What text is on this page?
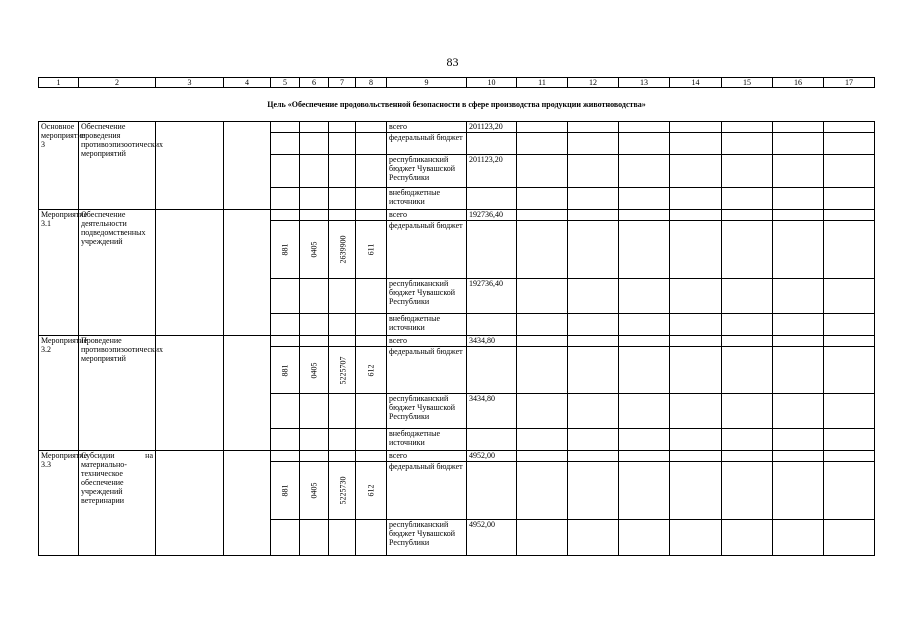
83
1	2	3	4	5	6	7	8	9	10	11	12	13	14	15	16	17
Цель «Обеспечение продовольственной безопасности в сфере производства продукции животноводства»																
Основное мероприятие 3	Обеспечение проведения противоэпизоотических мероприятий							всего	201123,20							
								федеральный бюджет								
								республиканский бюджет Чувашской Республики	201123,20							
								внебюджетные источники								
Мероприятие 3.1	Обеспечение деятельности подведомственных учреждений							всего	192736,40							
				881	0405	2639900	611	федеральный бюджет								
								республиканский бюджет Чувашской Республики	192736,40							
								внебюджетные источники								
Мероприятие 3.2	Проведение противоэпизоотических мероприятий							всего	3434,80							
				881	0405	5225707	612	федеральный бюджет								
								республиканский бюджет Чувашской Республики	3434,80							
								внебюджетные источники								
Мероприятие 3.3	Субсидии на материально-техническое обеспечение учреждений ветеринарии							всего	4952,00							
				881	0405	5225730	612	федеральный бюджет								
								республиканский бюджет Чувашской Республики	4952,00							
